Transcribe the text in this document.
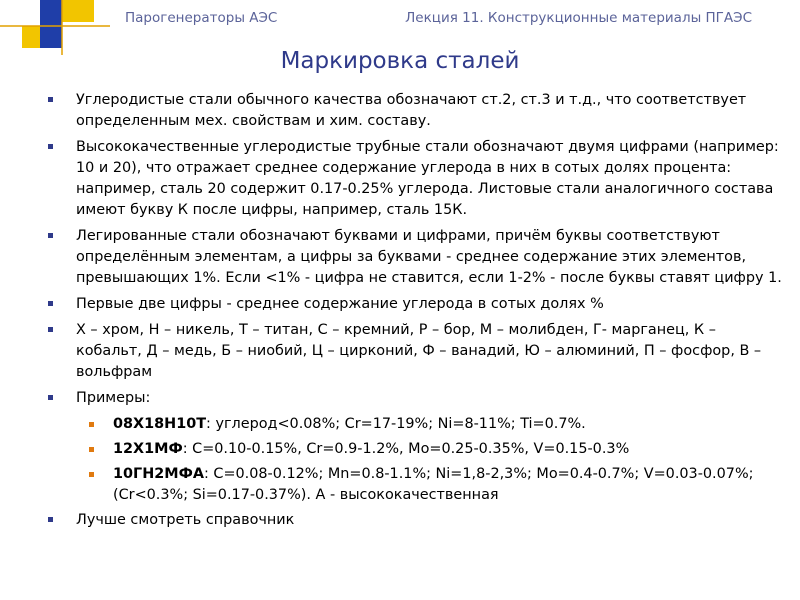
Парогенераторы АЭС	Лекция 11. Конструкционные материалы ПГАЭС
Маркировка сталей
Углеродистые стали обычного качества обозначают ст.2, ст.3 и т.д., что соответствует определенным мех. свойствам и хим. составу.
Высококачественные углеродистые трубные стали обозначают двумя цифрами (например: 10 и 20), что отражает среднее содержание углерода в них в сотых долях процента: например, сталь 20 содержит 0.17-0.25% углерода. Листовые стали аналогичного состава имеют букву К после цифры, например, сталь 15К.
Легированные стали обозначают буквами и цифрами, причём буквы соответствуют определённым элементам, а цифры за буквами - среднее содержание этих элементов, превышающих 1%. Если <1% - цифра не ставится, если 1-2% - после буквы ставят цифру 1.
Первые две цифры - среднее содержание углерода в сотых долях %
Х – хром, Н – никель, Т – титан, С – кремний, Р – бор, М – молибден, Г- марганец, К – кобальт, Д – медь, Б – ниобий, Ц – цирконий, Ф – ванадий, Ю – алюминий, П – фосфор, В – вольфрам
Примеры:
08Х18Н10Т: углерод<0.08%; Cr=17-19%; Ni=8-11%; Ti=0.7%.
12Х1МФ: С=0.10-0.15%, Cr=0.9-1.2%, Mo=0.25-0.35%, V=0.15-0.3%
10ГН2МФА: С=0.08-0.12%; Mn=0.8-1.1%; Ni=1,8-2,3%; Mo=0.4-0.7%; V=0.03-0.07%; (Cr<0.3%; Si=0.17-0.37%). А - высококачественная
Лучше смотреть справочник
